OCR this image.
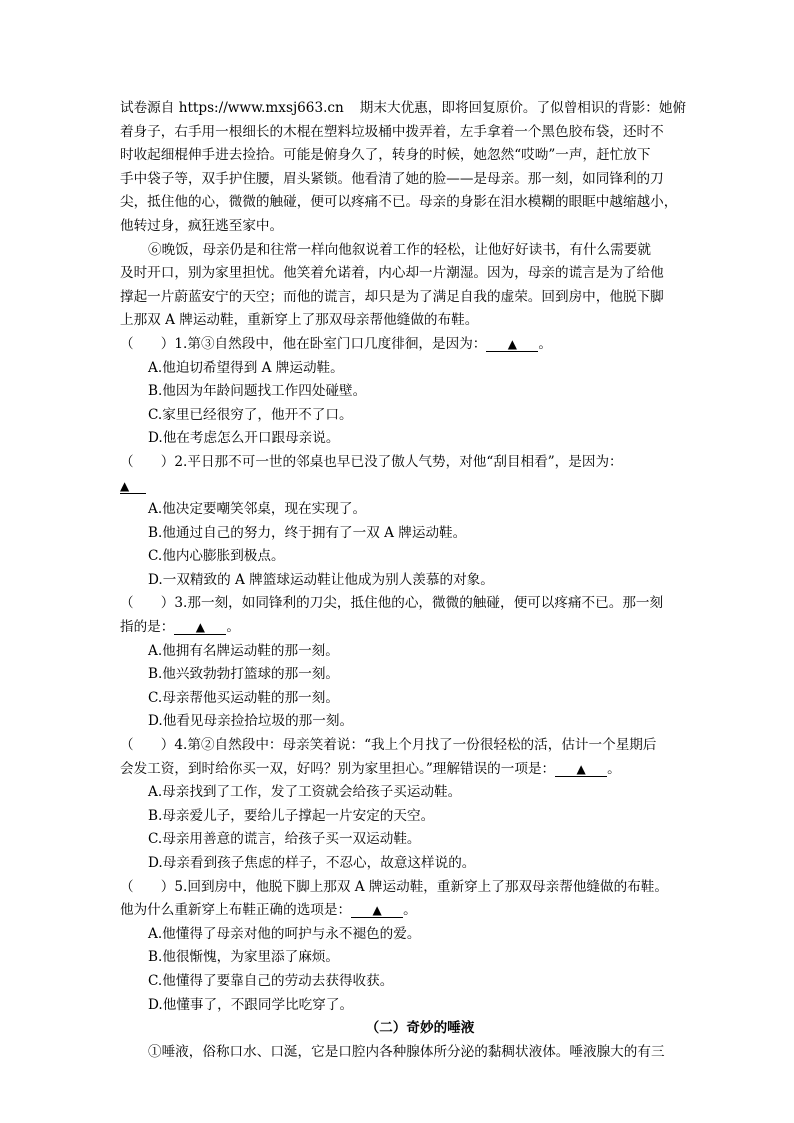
试卷源自 https://www.mxsj663.cn 期末大优惠，即将回复原价。了似曾相识的背影：她俯
着身子，右手用一根细长的木棍在塑料垃圾桶中拨弄着，左手拿着一个黑色胶布袋，还时不
时收起细棍伸手进去捡拾。可能是俯身久了，转身的时候，她忽然“哎呦”一声，赶忙放下
手中袋子等，双手护住腰，眉头紧锁。他看清了她的脸——是母亲。那一刻，如同锋利的刀
尖，抵住他的心，微微的触碰，便可以疼痛不已。母亲的身影在泪水模糊的眼眶中越缩越小，
他转过身，疯狂逃至家中。
⑥晚饭，母亲仍是和往常一样向他叙说着工作的轻松，让他好好读书，有什么需要就
及时开口，别为家里担忧。他笑着允诺着，内心却一片潮湿。因为，母亲的谎言是为了给他
撑起一片蔚蓝安宁的天空；而他的谎言，却只是为了满足自我的虚荣。回到房中，他脱下脚
上那双 A 牌运动鞋，重新穿上了那双母亲帮他缝做的布鞋。
（　　）1.第③自然段中，他在卧室门口几度徘徊，是因为： ▲ 。
A.他迫切希望得到 A 牌运动鞋。
B.他因为年龄问题找工作四处碰壁。
C.家里已经很穷了，他开不了口。
D.他在考虑怎么开口跟母亲说。
（　　）2.平日那不可一世的邻桌也早已没了傲人气势，对他“刮目相看”，是因为：
▲
A.他决定要嘲笑邻桌，现在实现了。
B.他通过自己的努力，终于拥有了一双 A 牌运动鞋。
C.他内心膨胀到极点。
D.一双精致的 A 牌篮球运动鞋让他成为别人羡慕的对象。
（　　）3.那一刻，如同锋利的刀尖，抵住他的心，微微的触碰，便可以疼痛不已。那一刻
指的是： ▲ 。
A.他拥有名牌运动鞋的那一刻。
B.他兴致勃勃打篮球的那一刻。
C.母亲帮他买运动鞋的那一刻。
D.他看见母亲捡拾垃圾的那一刻。
（　　）4.第②自然段中：母亲笑着说：“我上个月找了一份很轻松的活，估计一个星期后
会发工资，到时给你买一双，好吗？别为家里担心。”理解错误的一项是： ▲ 。
A.母亲找到了工作，发了工资就会给孩子买运动鞋。
B.母亲爱儿子，要给儿子撑起一片安定的天空。
C.母亲用善意的谎言，给孩子买一双运动鞋。
D.母亲看到孩子焦虑的样子，不忍心，故意这样说的。
（　　）5.回到房中，他脱下脚上那双 A 牌运动鞋，重新穿上了那双母亲帮他缝做的布鞋。
他为什么重新穿上布鞋正确的选项是： ▲ 。
A.他懂得了母亲对他的呵护与永不褪色的爱。
B.他很惭愧，为家里添了麻烦。
C.他懂得了要靠自己的劳动去获得收获。
D.他懂事了，不跟同学比吃穿了。
（二）奇妙的唾液
①唾液，俗称口水、口涎，它是口腔内各种腺体所分泌的黏稠状液体。唾液腺大的有三
